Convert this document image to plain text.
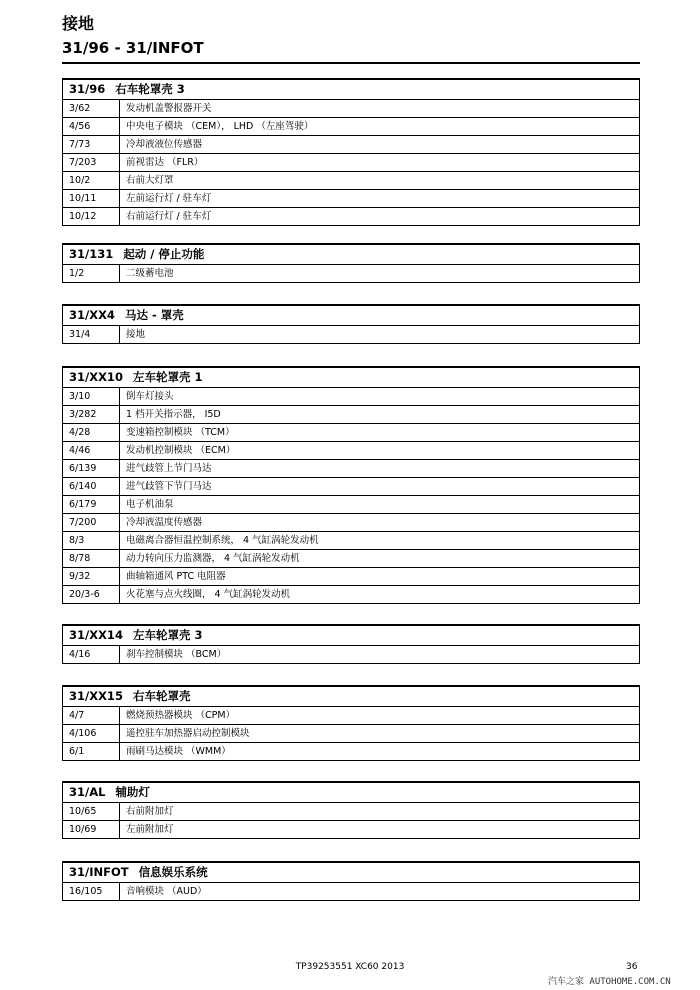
接地
31/96 - 31/INFOT
31/96 右车轮罩壳 3
3/62	发动机盖警报器开关
4/56	中央电子模块 （CEM）， LHD （左座驾驶）
7/73	冷却液液位传感器
7/203	前视雷达 （FLR）
10/2	右前大灯罩
10/11	左前运行灯 / 驻车灯
10/12	右前运行灯 / 驻车灯
31/131 起动 / 停止功能
1/2	二级蓄电池
31/XX4 马达 - 罩壳
31/4	接地
31/XX10 左车轮罩壳 1
3/10	倒车灯接头
3/282	1 档开关指示器， I5D
4/28	变速箱控制模块 （TCM）
4/46	发动机控制模块 （ECM）
6/139	进气歧管上节门马达
6/140	进气歧管下节门马达
6/179	电子机油泵
7/200	冷却液温度传感器
8/3	电磁离合器恒温控制系统， 4 气缸涡轮发动机
8/78	动力转向压力监测器， 4 气缸涡轮发动机
9/32	曲轴箱通风 PTC 电阻器
20/3-6	火花塞与点火线圈， 4 气缸涡轮发动机
31/XX14 左车轮罩壳 3
4/16	刹车控制模块 （BCM）
31/XX15 右车轮罩壳
4/7	燃烧预热器模块 （CPM）
4/106	遥控驻车加热器启动控制模块
6/1	雨刷马达模块 （WMM）
31/AL 辅助灯
10/65	右前附加灯
10/69	左前附加灯
31/INFOT 信息娱乐系统
16/105	音响模块 （AUD）
TP39253551 XC60 2013	36
汽车之家 AUTOHOME.COM.CN
